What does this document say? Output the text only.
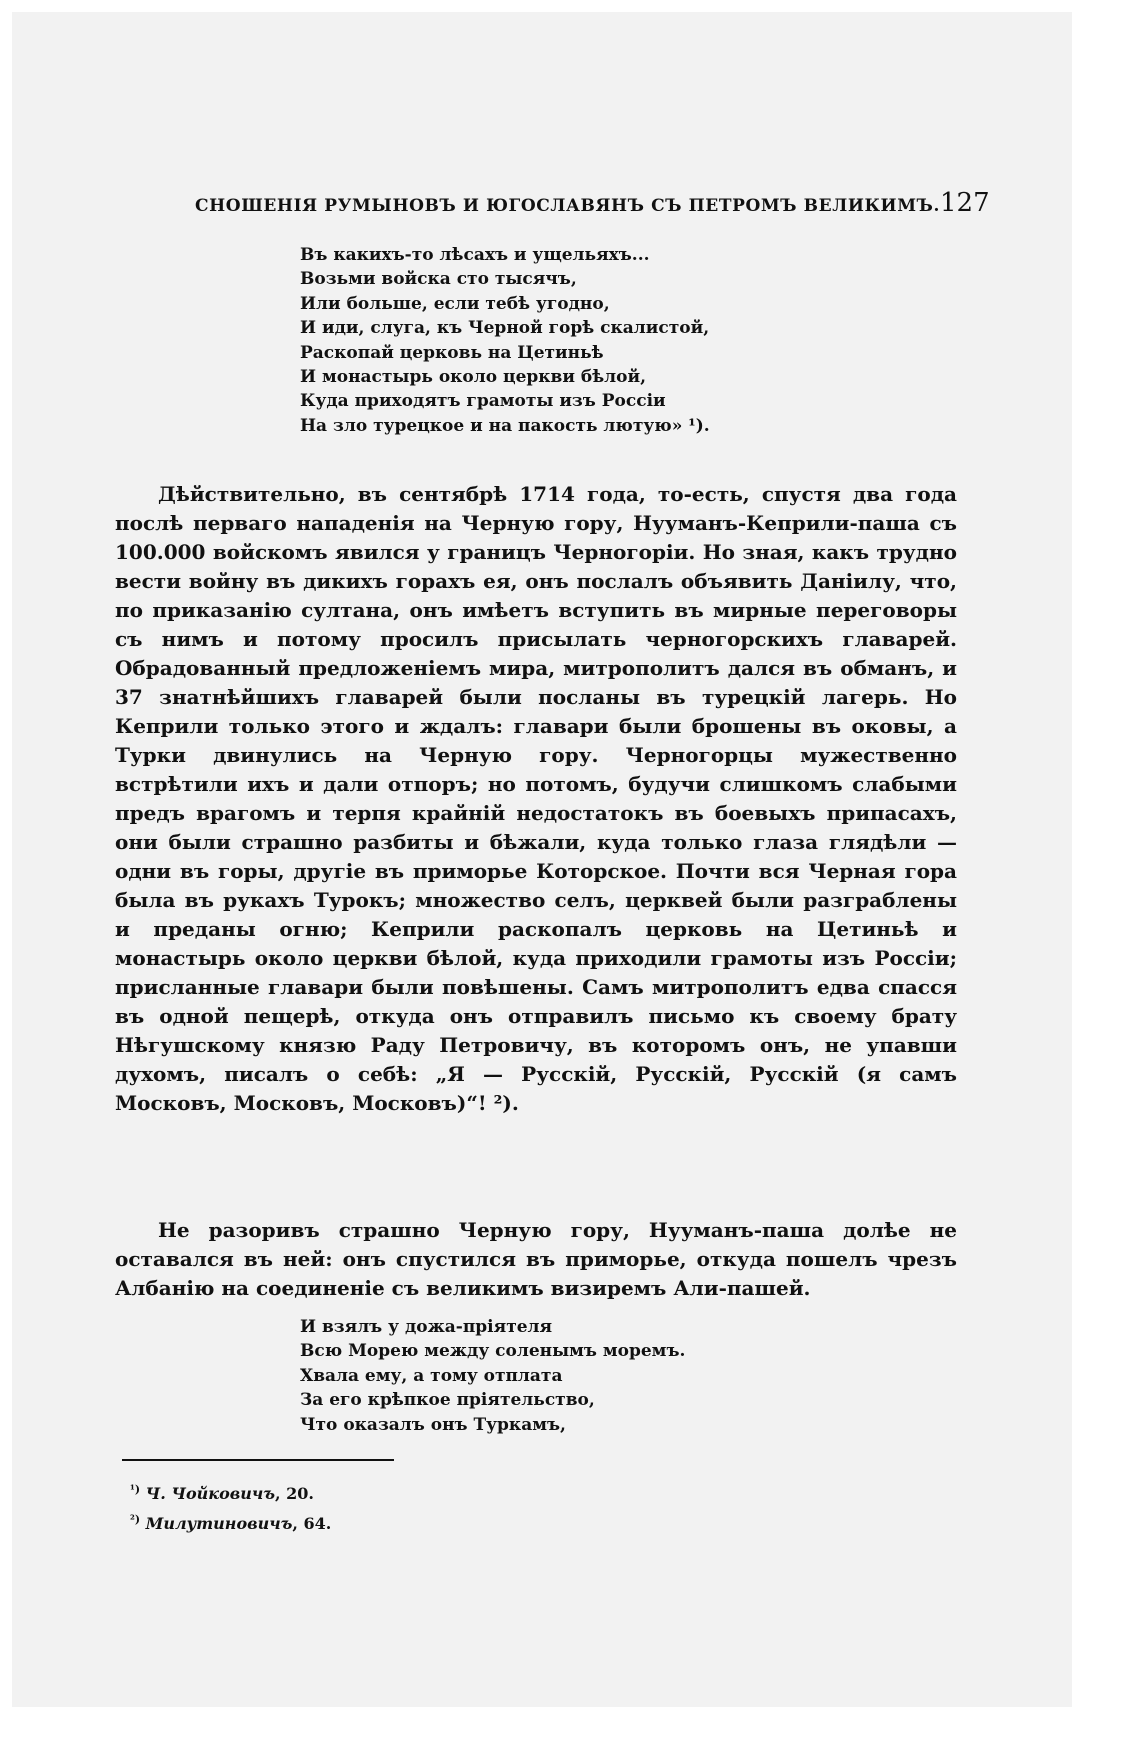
СНОШЕНІЯ РУМЫНОВЪ И ЮГОСЛАВЯНЪ СЪ ПЕТРОМЪ ВЕЛИКИМЪ. 127
Въ какихъ-то лѣсахъ и ущельяхъ...
Возьми войска сто тысячъ,
Или больше, если тебѣ угодно,
И иди, слуга, къ Черной горѣ скалистой,
Раскопай церковь на Цетиньѣ
И монастырь около церкви бѣлой,
Куда приходятъ грамоты изъ Россіи
На зло турецкое и на пакость лютую» ¹).

Дѣйствительно, въ сентябрѣ 1714 года, то-есть, спустя два года послѣ перваго нападенія на Черную гору, Нууманъ-Кеприли-паша съ 100.000 войскомъ явился у границъ Черногоріи. Но зная, какъ трудно вести войну въ дикихъ горахъ ея, онъ послалъ объявить Данiилу, что, по приказанію султана, онъ имѣетъ вступить въ мирные переговоры съ нимъ и потому просилъ присылать черногорскихъ главарей. Обрадованный предложеніемъ мира, митрополитъ дался въ обманъ, и 37 знатнѣйшихъ главарей были посланы въ турецкій лагерь. Но Кеприли только этого и ждалъ: главари были брошены въ оковы, а Турки двинулись на Черную гору. Черногорцы мужественно встрѣтили ихъ и дали отпоръ; но потомъ, будучи слишкомъ слабыми предъ врагомъ и терпя крайній недостатокъ въ боевыхъ припасахъ, они были страшно разбиты и бѣжали, куда только глаза глядѣли — одни въ горы, другіе въ приморье Которское. Почти вся Черная гора была въ рукахъ Турокъ; множество селъ, церквей были разграблены и преданы огню; Кеприли раскопалъ церковь на Цетиньѣ и монастырь около церкви бѣлой, куда приходили грамоты изъ Россіи; присланные главари были повѣшены. Самъ митрополитъ едва спасся въ одной пещерѣ, откуда онъ отправилъ письмо къ своему брату Нѣгушскому князю Раду Петровичу, въ которомъ онъ, не упавши духомъ, писалъ о себѣ: „Я — Русскій, Русскій, Русскій (я самъ Московъ, Московъ, Московъ)“! ²).

Не разоривъ страшно Черную гору, Нууманъ-паша долѣе не оставался въ ней: онъ спустился въ приморье, откуда пошелъ чрезъ Албанію на соединеніе съ великимъ визиремъ Али-пашей.

И взялъ у дожа-пріятеля
Всю Морею между соленымъ моремъ.
Хвала ему, а тому отплата
За его крѣпкое пріятельство,
Что оказалъ онъ Туркамъ,
$^{^1)}$ Ч. Чойковичъ, 20.
$^{^2)}$ Милутиновичъ, 64.
